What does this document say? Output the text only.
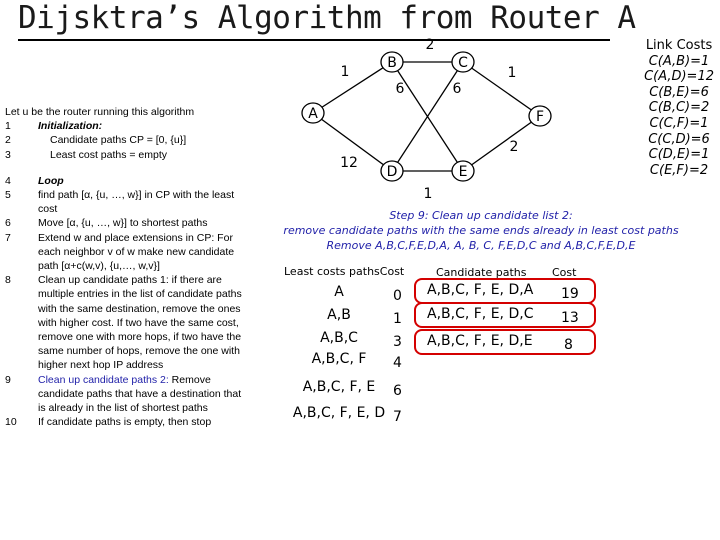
Dijsktra’s Algorithm from Router A
Link Costs
C(A,B)=1
C(A,D)=12
C(B,E)=6
C(B,C)=2
C(C,F)=1
C(C,D)=6
C(D,E)=1
C(E,F)=2
1
2
1
6	6
12
1
2
A
B	C
D	E
F
Let u be the router running this algorithm
1	Initialization:
2	Candidate paths CP = [0, {u}]
3	Least cost paths = empty
4	Loop
5	find path [α, {u, …, w}] in CP with the least
cost
6	Move [α, {u, …, w}] to shortest paths
7	Extend w and place extensions in CP: For
each neighbor v of w make new candidate
path [α+c(w,v), {u,…, w,v}]
8	Clean up candidate paths 1: if there are
multiple entries in the list of candidate paths
with the same destination, remove the ones
with higher cost. If two have the same cost,
remove one with more hops, if two have the
same number of hops, remove the one with
higher next hop IP address
9	Clean up candidate paths 2: Remove
candidate paths that have a destination that
is already in the list of shortest paths
10 If candidate paths is empty, then stop
Step 9: Clean up candidate list 2:
remove candidate paths with the same ends already in least cost paths
Remove A,B,C,F,E,D,A, A, B, C, F,E,D,C and A,B,C,F,E,D,E
Least costs pathsCost	Candidate paths Cost
A	0
A,B	1
A,B,C	3
A,B,C, F	4
A,B,C, F, E	6
A,B,C, F, E, D 7
A,B,C, F, E, D,A 19
A,B,C, F, E, D,C 13
A,B,C, F, E, D,E 8
